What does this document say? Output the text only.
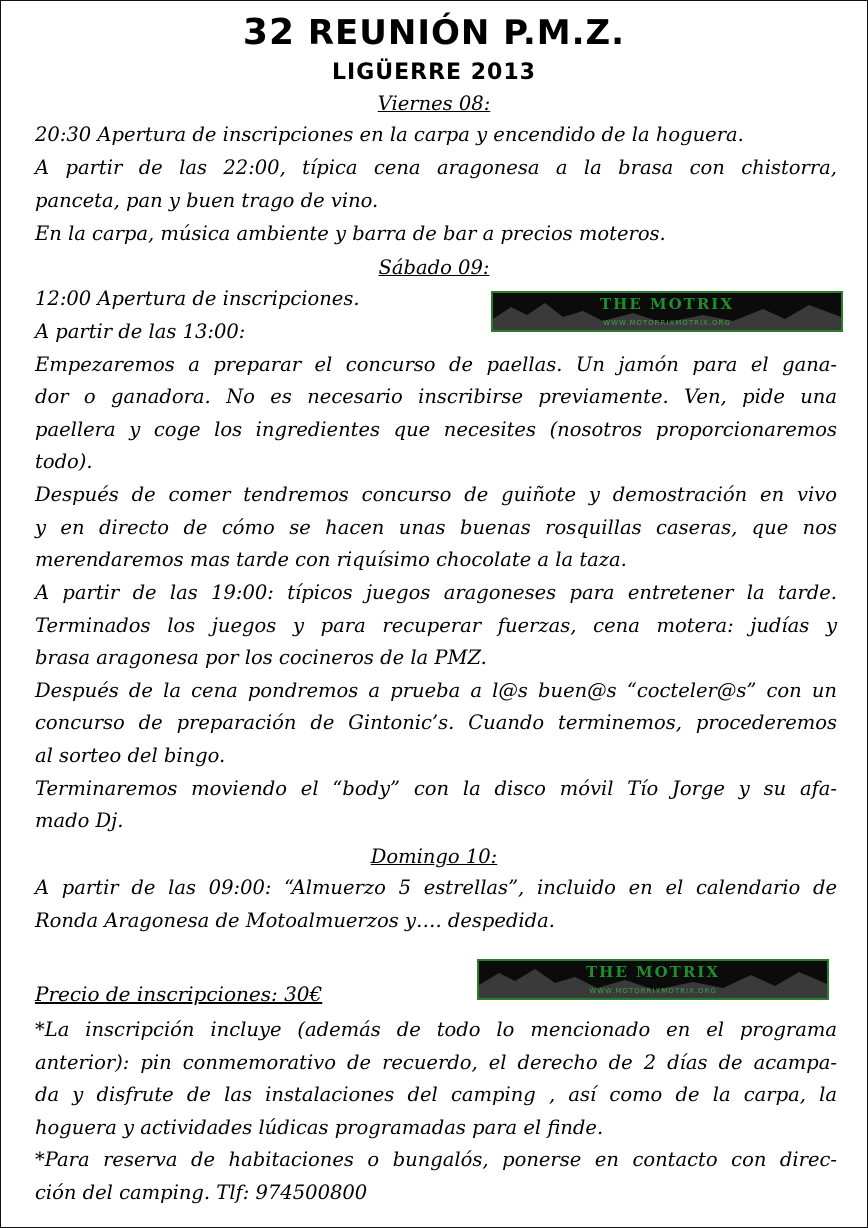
32 REUNIÓN P.M.Z.
LIGÜERRE 2013
Viernes 08:
20:30 Apertura de inscripciones en la carpa y encendido de la hoguera.
A partir de las 22:00, típica cena aragonesa a la brasa con chistorra,
panceta, pan y buen trago de vino.
En la carpa, música ambiente y barra de bar a precios moteros.
Sábado 09:
12:00 Apertura de inscripciones.
A partir de las 13:00:
Empezaremos a preparar el concurso de paellas. Un jamón para el gana-
dor o ganadora. No es necesario inscribirse previamente. Ven, pide una
paellera y coge los ingredientes que necesites (nosotros proporcionaremos
todo).
Después de comer tendremos concurso de guiñote y demostración en vivo
y en directo de cómo se hacen unas buenas rosquillas caseras, que nos
merendaremos mas tarde con riquísimo chocolate a la taza.
A partir de las 19:00: típicos juegos aragoneses para entretener la tarde.
Terminados los juegos y para recuperar fuerzas, cena motera: judías y
brasa aragonesa por los cocineros de la PMZ.
Después de la cena pondremos a prueba a l@s buen@s “cocteler@s” con un
concurso de preparación de Gintonic’s. Cuando terminemos, procederemos
al sorteo del bingo.
Terminaremos moviendo el “body” con la disco móvil Tío Jorge y su afa-
mado Dj.
Domingo 10:
A partir de las 09:00: “Almuerzo 5 estrellas”, incluido en el calendario de
Ronda Aragonesa de Motoalmuerzos y…. despedida.
Precio de inscripciones: 30€
*La inscripción incluye (además de todo lo mencionado en el programa
anterior): pin conmemorativo de recuerdo, el derecho de 2 días de acampa-
da y disfrute de las instalaciones del camping , así como de la carpa, la
hoguera y actividades lúdicas programadas para el finde.
*Para reserva de habitaciones o bungalós, ponerse en contacto con direc-
ción del camping. Tlf: 974500800
THE MOTRIX
WWW.MOTORRIXMOTRIX.ORG
THE MOTRIX
WWW.MOTORRIXMOTRIX.ORG
